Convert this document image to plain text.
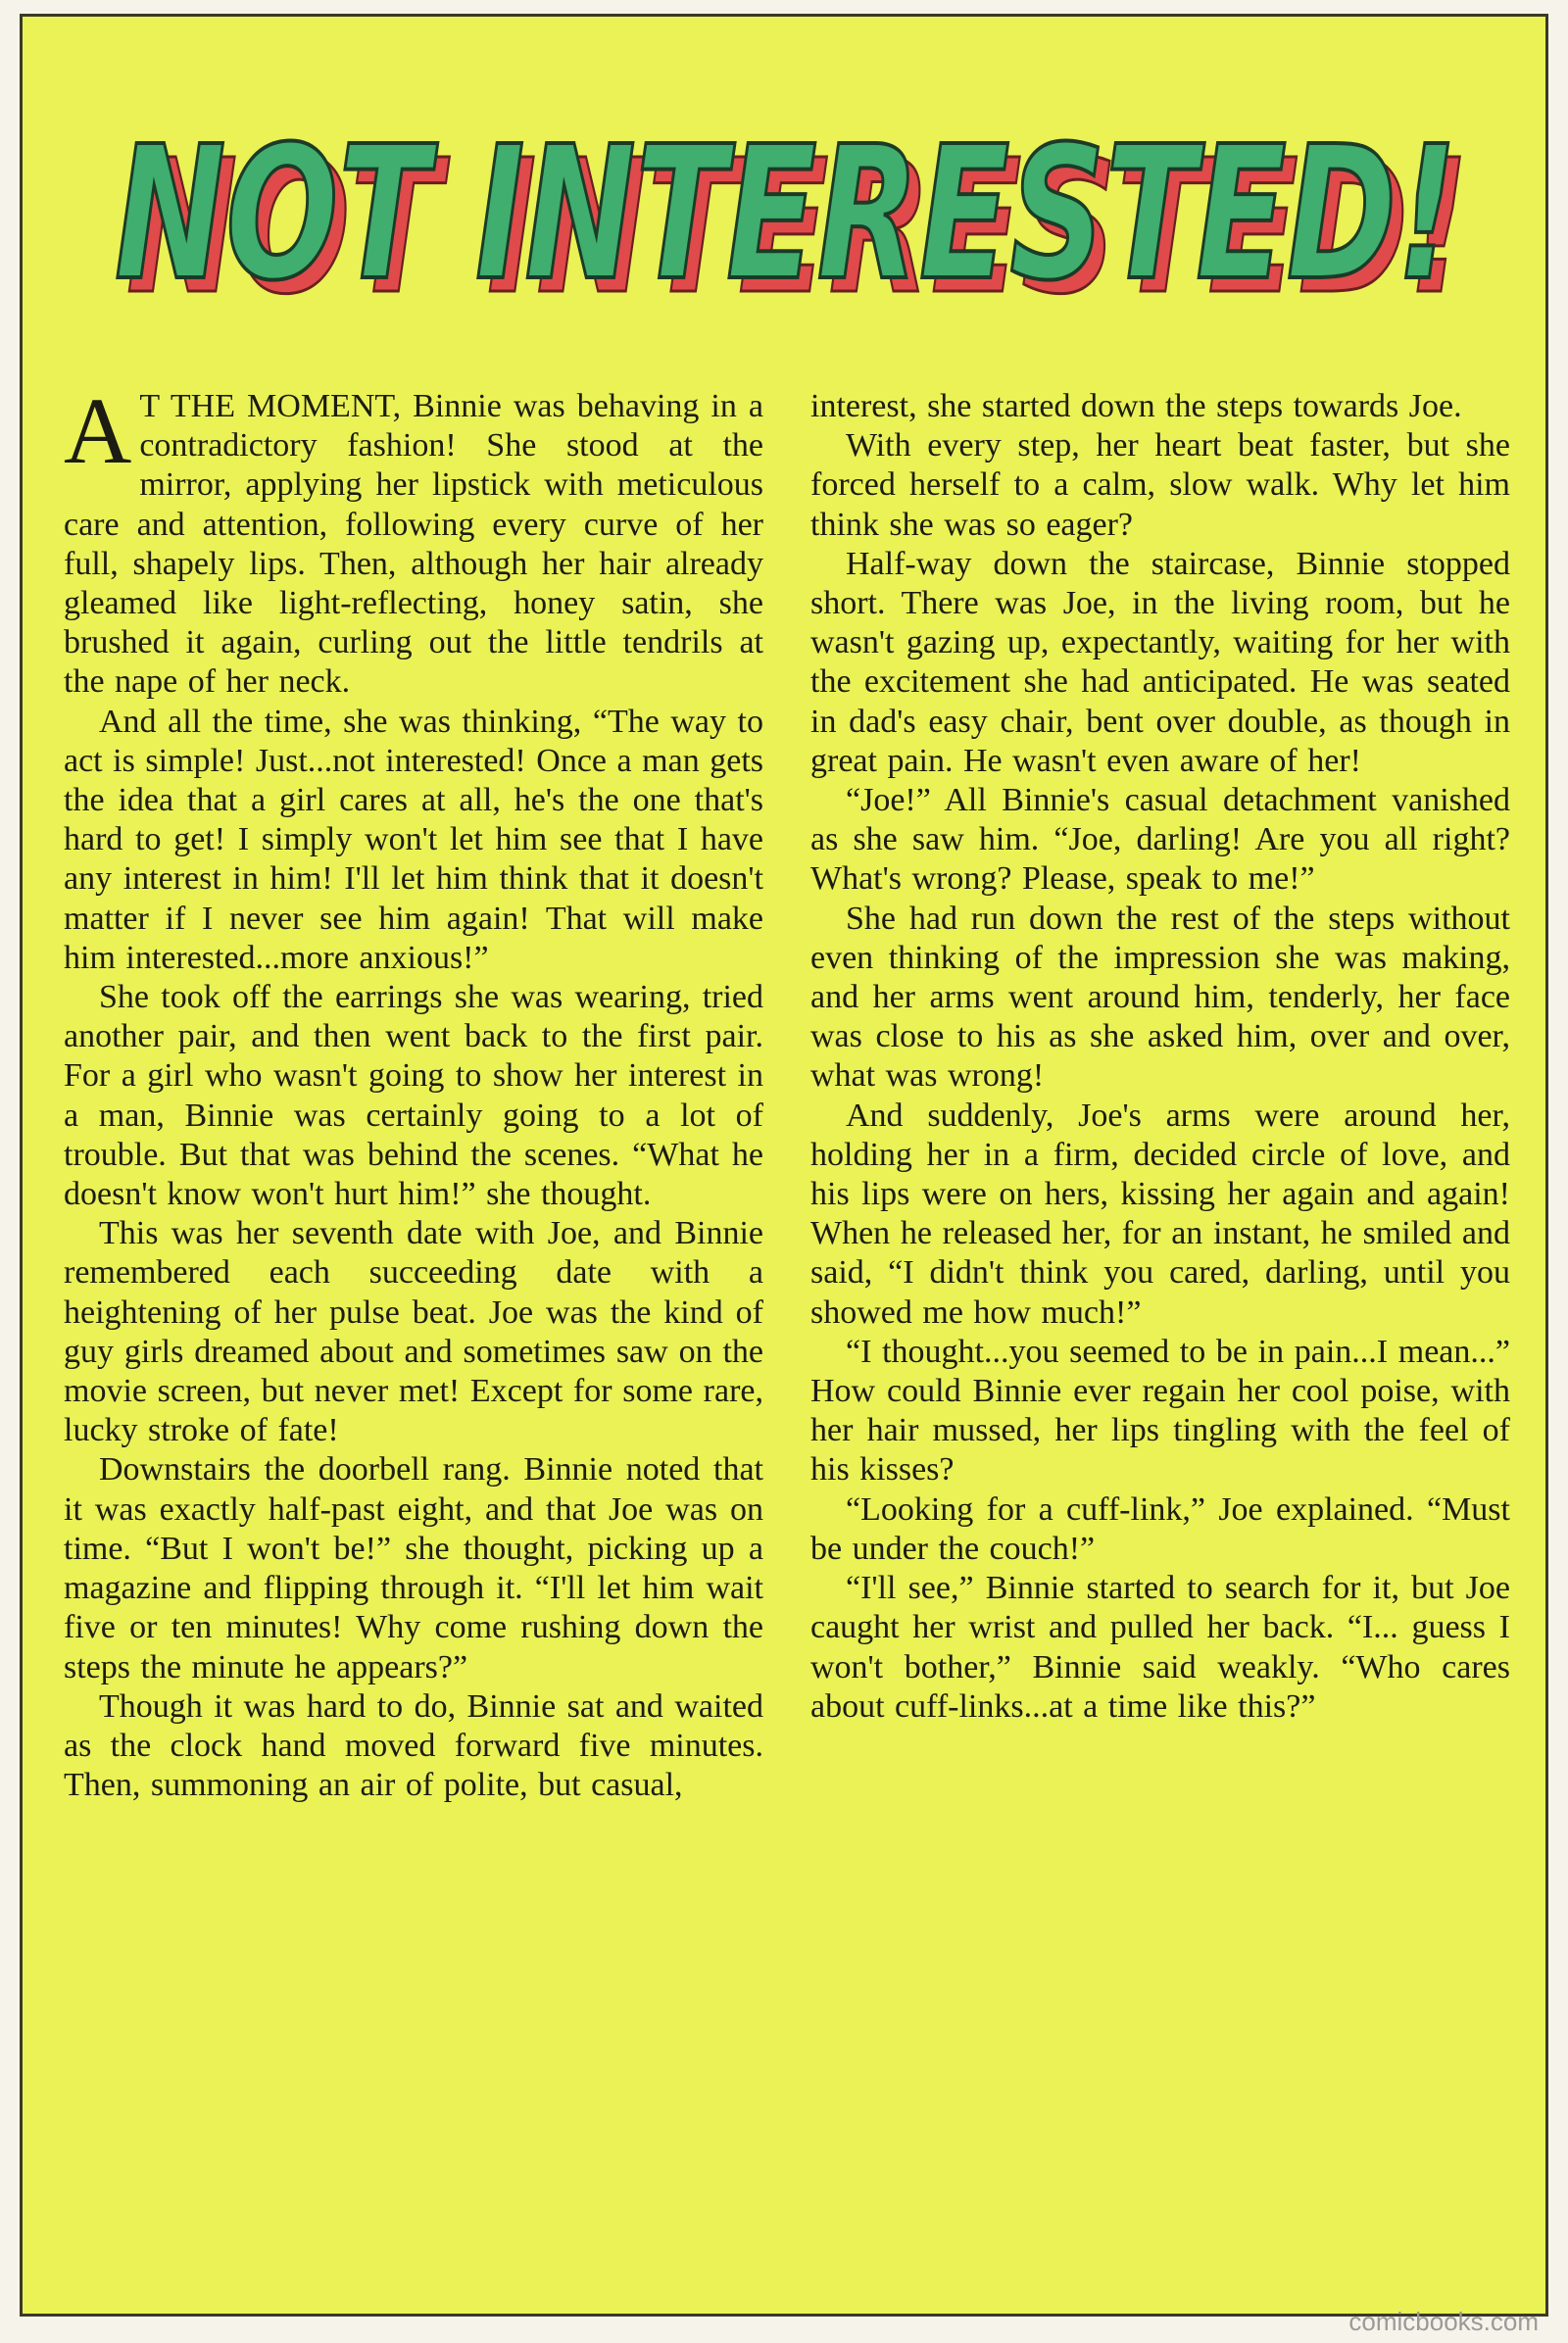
NOT INTERESTED!
NOT INTERESTED!

A T THE MOMENT, Binnie was behaving in a contradictory fashion! She stood at the mirror, applying her lipstick with meticulous care and attention, following every curve of her full, shapely lips. Then, although her hair already gleamed like light-reflecting, honey satin, she brushed it again, curling out the little tendrils at the nape of her neck.

And all the time, she was thinking, “The way to act is simple! Just...not interested! Once a man gets the idea that a girl cares at all, he's the one that's hard to get! I simply won't let him see that I have any interest in him! I'll let him think that it doesn't matter if I never see him again! That will make him interested...more anxious!”

She took off the earrings she was wearing, tried another pair, and then went back to the first pair. For a girl who wasn't going to show her interest in a man, Binnie was certainly going to a lot of trouble. But that was behind the scenes. “What he doesn't know won't hurt him!” she thought.

This was her seventh date with Joe, and Binnie remembered each succeeding date with a heightening of her pulse beat. Joe was the kind of guy girls dreamed about and sometimes saw on the movie screen, but never met! Except for some rare, lucky stroke of fate!

Downstairs the doorbell rang. Binnie noted that it was exactly half-past eight, and that Joe was on time. “But I won't be!” she thought, picking up a magazine and flipping through it. “I'll let him wait five or ten minutes! Why come rushing down the steps the minute he appears?”

Though it was hard to do, Binnie sat and waited as the clock hand moved forward five minutes. Then, summoning an air of polite, but casual,

interest, she started down the steps towards Joe.

With every step, her heart beat faster, but she forced herself to a calm, slow walk. Why let him think she was so eager?

Half-way down the staircase, Binnie stopped short. There was Joe, in the living room, but he wasn't gazing up, expectantly, waiting for her with the excitement she had anticipated. He was seated in dad's easy chair, bent over double, as though in great pain. He wasn't even aware of her!

“Joe!” All Binnie's casual detachment vanished as she saw him. “Joe, darling! Are you all right? What's wrong? Please, speak to me!”

She had run down the rest of the steps without even thinking of the impression she was making, and her arms went around him, tenderly, her face was close to his as she asked him, over and over, what was wrong!

And suddenly, Joe's arms were around her, holding her in a firm, decided circle of love, and his lips were on hers, kissing her again and again! When he released her, for an instant, he smiled and said, “I didn't think you cared, darling, until you showed me how much!”

“I thought...you seemed to be in pain...I mean...” How could Binnie ever regain her cool poise, with her hair mussed, her lips tingling with the feel of his kisses?

“Looking for a cuff-link,” Joe explained. “Must be under the couch!”

“I'll see,” Binnie started to search for it, but Joe caught her wrist and pulled her back. “I... guess I won't bother,” Binnie said weakly. “Who cares about cuff-links...at a time like this?”

comicbooks.com
